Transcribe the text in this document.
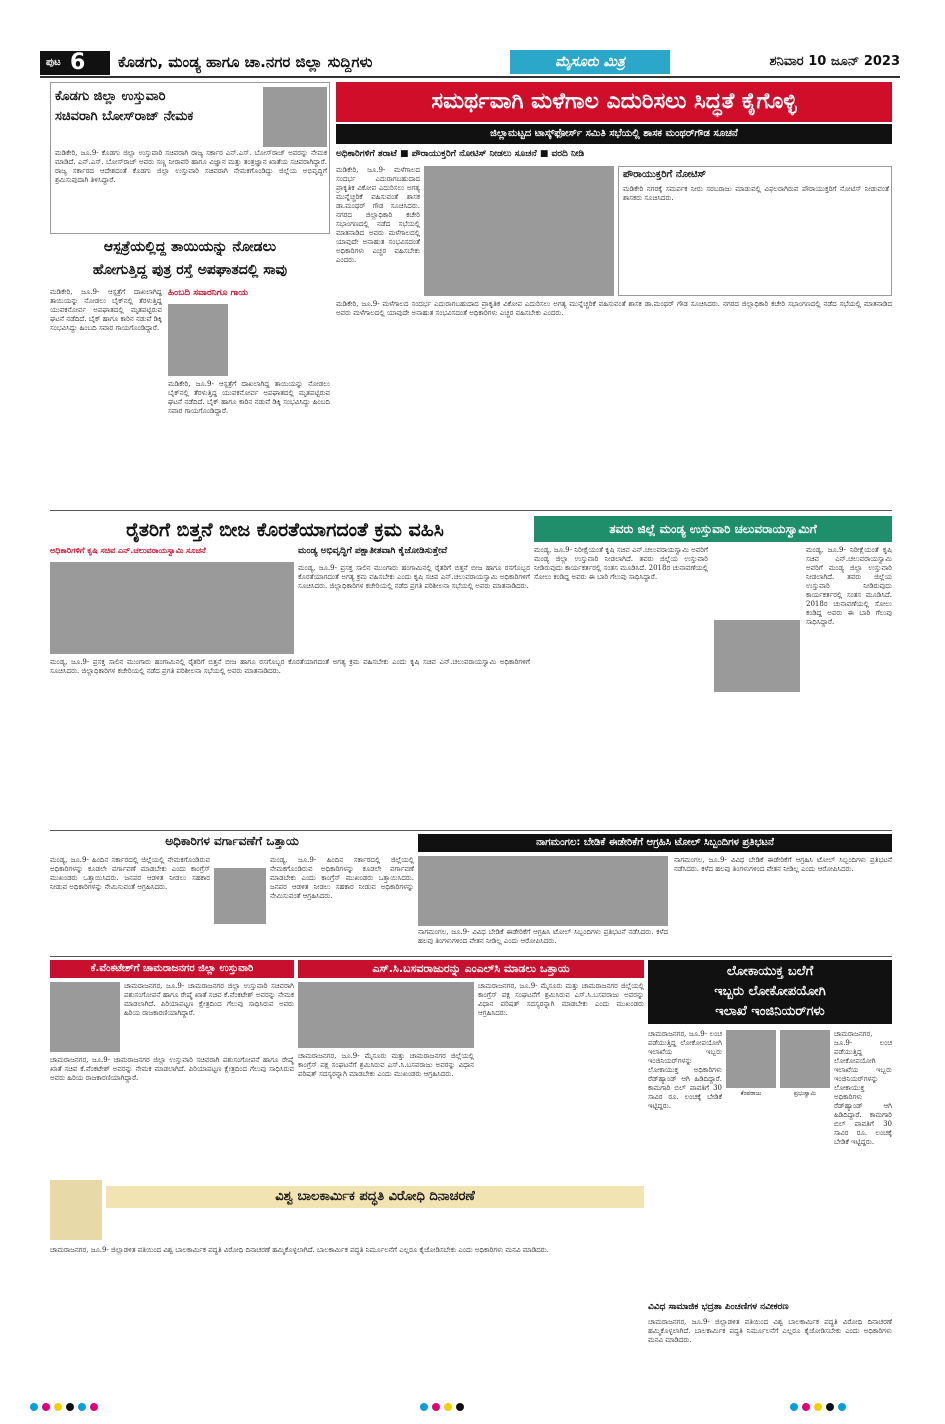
ಪುಟ 6 ಕೊಡಗು, ಮಂಡ್ಯ ಹಾಗೂ ಚಾ.ನಗರ ಜಿಲ್ಲಾ ಸುದ್ದಿಗಳು	ಮೈಸೂರು ಮಿತ್ರ	ಶನಿವಾರ 10 ಜೂನ್ 2023
ಕೊಡಗು ಜಿಲ್ಲಾ ಉಸ್ತುವಾರಿ
ಸಚಿವರಾಗಿ ಬೋಸ್‌ರಾಜ್ ನೇಮಕ
ಮಡಿಕೇರಿ, ಜೂ.9- ಕೊಡಗು ಜಿಲ್ಲಾ ಉಸ್ತುವಾರಿ ಸಚಿವರಾಗಿ ರಾಜ್ಯ ಸರ್ಕಾರ ಎನ್.ಎಸ್. ಬೋಸ್‌ರಾಜ್ ಅವರನ್ನು ನೇಮಕ ಮಾಡಿದೆ. ಎನ್.ಎಸ್. ಬೋಸ್‌ರಾಜ್ ಅವರು ಸಣ್ಣ ನೀರಾವರಿ ಹಾಗೂ ವಿಜ್ಞಾನ ಮತ್ತು ತಂತ್ರಜ್ಞಾನ ಖಾತೆಯ ಸಚಿವರಾಗಿದ್ದಾರೆ. ರಾಜ್ಯ ಸರ್ಕಾರದ ಆದೇಶದಂತೆ ಕೊಡಗು ಜಿಲ್ಲಾ ಉಸ್ತುವಾರಿ ಸಚಿವರಾಗಿ ನೇಮಕಗೊಂಡಿದ್ದು ಜಿಲ್ಲೆಯ ಅಭಿವೃದ್ಧಿಗೆ ಶ್ರಮಿಸುವುದಾಗಿ ತಿಳಿಸಿದ್ದಾರೆ.
ಸಮರ್ಥವಾಗಿ ಮಳೆಗಾಲ ಎದುರಿಸಲು ಸಿದ್ಧತೆ ಕೈಗೊಳ್ಳಿ
ಜಿಲ್ಲಾಮಟ್ಟದ ಟಾಸ್ಕ್‌ಫೋರ್ಸ್ ಸಮಿತಿ ಸಭೆಯಲ್ಲಿ ಶಾಸಕ ಮಂಥರ್‌ಗೌಡ ಸೂಚನೆ
ಅಧಿಕಾರಿಗಳಿಗೆ ತರಾಟೆ ■ ಪೌರಾಯುಕ್ತರಿಗೆ ನೋಟಿಸ್ ನೀಡಲು ಸೂಚನೆ ■ ವರದಿ ನೀಡಿ
ಮಡಿಕೇರಿ, ಜೂ.9- ಮಳೆಗಾಲದ ಸಂದರ್ಭ ಎದುರಾಗಬಹುದಾದ ಪ್ರಾಕೃತಿಕ ವಿಕೋಪ ಎದುರಿಸಲು ಅಗತ್ಯ ಮುನ್ನೆಚ್ಚರಿಕೆ ವಹಿಸುವಂತೆ ಶಾಸಕ ಡಾ.ಮಂಥರ್ ಗೌಡ ಸೂಚಿಸಿದರು. ನಗರದ ಜಿಲ್ಲಾಧಿಕಾರಿ ಕಚೇರಿ ಸಭಾಂಗಣದಲ್ಲಿ ನಡೆದ ಸಭೆಯಲ್ಲಿ ಮಾತನಾಡಿದ ಅವರು ಮಳೆಗಾಲದಲ್ಲಿ ಯಾವುದೇ ಅನಾಹುತ ಸಂಭವಿಸದಂತೆ ಅಧಿಕಾರಿಗಳು ಎಚ್ಚರ ವಹಿಸಬೇಕು ಎಂದರು.
ಪೌರಾಯುಕ್ತರಿಗೆ ನೋಟಿಸ್
ಮಡಿಕೇರಿ ನಗರಕ್ಕೆ ಸಮರ್ಪಕ ನೀರು ಸರಬರಾಜು ಮಾಡುವಲ್ಲಿ ವಿಫಲರಾಗಿರುವ ಪೌರಾಯುಕ್ತರಿಗೆ ನೋಟಿಸ್ ನೀಡುವಂತೆ ಶಾಸಕರು ಸೂಚಿಸಿದರು.
ಮಡಿಕೇರಿ, ಜೂ.9- ಮಳೆಗಾಲದ ಸಂದರ್ಭ ಎದುರಾಗಬಹುದಾದ ಪ್ರಾಕೃತಿಕ ವಿಕೋಪ ಎದುರಿಸಲು ಅಗತ್ಯ ಮುನ್ನೆಚ್ಚರಿಕೆ ವಹಿಸುವಂತೆ ಶಾಸಕ ಡಾ.ಮಂಥರ್ ಗೌಡ ಸೂಚಿಸಿದರು. ನಗರದ ಜಿಲ್ಲಾಧಿಕಾರಿ ಕಚೇರಿ ಸಭಾಂಗಣದಲ್ಲಿ ನಡೆದ ಸಭೆಯಲ್ಲಿ ಮಾತನಾಡಿದ ಅವರು ಮಳೆಗಾಲದಲ್ಲಿ ಯಾವುದೇ ಅನಾಹುತ ಸಂಭವಿಸದಂತೆ ಅಧಿಕಾರಿಗಳು ಎಚ್ಚರ ವಹಿಸಬೇಕು ಎಂದರು.
ಆಸ್ಪತ್ರೆಯಲ್ಲಿದ್ದ ತಾಯಿಯನ್ನು ನೋಡಲು
ಹೋಗುತ್ತಿದ್ದ ಪುತ್ರ ರಸ್ತೆ ಅಪಘಾತದಲ್ಲಿ ಸಾವು
ಹಿಂಬದಿ ಸವಾರನಿಗೂ ಗಾಯ
ಮಡಿಕೇರಿ, ಜೂ.9- ಆಸ್ಪತ್ರೆಗೆ ದಾಖಲಾಗಿದ್ದ ತಾಯಿಯನ್ನು ನೋಡಲು ಬೈಕ್‌ನಲ್ಲಿ ತೆರಳುತ್ತಿದ್ದ ಯುವಕನೋರ್ವ ಅಪಘಾತದಲ್ಲಿ ಮೃತಪಟ್ಟಿರುವ ಘಟನೆ ನಡೆದಿದೆ. ಬೈಕ್ ಹಾಗೂ ಕಾರಿನ ನಡುವೆ ಡಿಕ್ಕಿ ಸಂಭವಿಸಿದ್ದು ಹಿಂಬದಿ ಸವಾರ ಗಾಯಗೊಂಡಿದ್ದಾರೆ.
ಮಡಿಕೇರಿ, ಜೂ.9- ಆಸ್ಪತ್ರೆಗೆ ದಾಖಲಾಗಿದ್ದ ತಾಯಿಯನ್ನು ನೋಡಲು ಬೈಕ್‌ನಲ್ಲಿ ತೆರಳುತ್ತಿದ್ದ ಯುವಕನೋರ್ವ ಅಪಘಾತದಲ್ಲಿ ಮೃತಪಟ್ಟಿರುವ ಘಟನೆ ನಡೆದಿದೆ. ಬೈಕ್ ಹಾಗೂ ಕಾರಿನ ನಡುವೆ ಡಿಕ್ಕಿ ಸಂಭವಿಸಿದ್ದು ಹಿಂಬದಿ ಸವಾರ ಗಾಯಗೊಂಡಿದ್ದಾರೆ.
ರೈತರಿಗೆ ಬಿತ್ತನೆ ಬೀಜ ಕೊರತೆಯಾಗದಂತೆ ಕ್ರಮ ವಹಿಸಿ
ಅಧಿಕಾರಿಗಳಿಗೆ ಕೃಷಿ ಸಚಿವ ಎನ್.ಚಲುವರಾಯಸ್ವಾಮಿ ಸೂಚನೆ	ಮಂಡ್ಯ ಅಭಿವೃದ್ಧಿಗೆ ಪಕ್ಷಾತೀತವಾಗಿ ಕೈಜೋಡಿಸುತ್ತೇವೆ
ಮಂಡ್ಯ, ಜೂ.9- ಪ್ರಸಕ್ತ ಸಾಲಿನ ಮುಂಗಾರು ಹಂಗಾಮಿನಲ್ಲಿ ರೈತರಿಗೆ ಬಿತ್ತನೆ ಬೀಜ ಹಾಗೂ ರಸಗೊಬ್ಬರ ಕೊರತೆಯಾಗದಂತೆ ಅಗತ್ಯ ಕ್ರಮ ವಹಿಸಬೇಕು ಎಂದು ಕೃಷಿ ಸಚಿವ ಎನ್.ಚಲುವರಾಯಸ್ವಾಮಿ ಅಧಿಕಾರಿಗಳಿಗೆ ಸೂಚಿಸಿದರು. ಜಿಲ್ಲಾಧಿಕಾರಿಗಳ ಕಚೇರಿಯಲ್ಲಿ ನಡೆದ ಪ್ರಗತಿ ಪರಿಶೀಲನಾ ಸಭೆಯಲ್ಲಿ ಅವರು ಮಾತನಾಡಿದರು.
ಮಂಡ್ಯ, ಜೂ.9- ಪ್ರಸಕ್ತ ಸಾಲಿನ ಮುಂಗಾರು ಹಂಗಾಮಿನಲ್ಲಿ ರೈತರಿಗೆ ಬಿತ್ತನೆ ಬೀಜ ಹಾಗೂ ರಸಗೊಬ್ಬರ ಕೊರತೆಯಾಗದಂತೆ ಅಗತ್ಯ ಕ್ರಮ ವಹಿಸಬೇಕು ಎಂದು ಕೃಷಿ ಸಚಿವ ಎನ್.ಚಲುವರಾಯಸ್ವಾಮಿ ಅಧಿಕಾರಿಗಳಿಗೆ ಸೂಚಿಸಿದರು. ಜಿಲ್ಲಾಧಿಕಾರಿಗಳ ಕಚೇರಿಯಲ್ಲಿ ನಡೆದ ಪ್ರಗತಿ ಪರಿಶೀಲನಾ ಸಭೆಯಲ್ಲಿ ಅವರು ಮಾತನಾಡಿದರು.
ತವರು ಜಿಲ್ಲೆ ಮಂಡ್ಯ ಉಸ್ತುವಾರಿ ಚಲುವರಾಯಸ್ವಾಮಿಗೆ
ಮಂಡ್ಯ, ಜೂ.9- ನಿರೀಕ್ಷೆಯಂತೆ ಕೃಷಿ ಸಚಿವ ಎನ್.ಚಲುವರಾಯಸ್ವಾಮಿ ಅವರಿಗೆ ಮಂಡ್ಯ ಜಿಲ್ಲಾ ಉಸ್ತುವಾರಿ ನೀಡಲಾಗಿದೆ. ತವರು ಜಿಲ್ಲೆಯ ಉಸ್ತುವಾರಿ ನೀಡಿರುವುದು ಕಾರ್ಯಕರ್ತರಲ್ಲಿ ಸಂತಸ ಮೂಡಿಸಿದೆ. 2018ರ ಚುನಾವಣೆಯಲ್ಲಿ ಸೋಲು ಕಂಡಿದ್ದ ಅವರು ಈ ಬಾರಿ ಗೆಲುವು ಸಾಧಿಸಿದ್ದಾರೆ.
ಮಂಡ್ಯ, ಜೂ.9- ನಿರೀಕ್ಷೆಯಂತೆ ಕೃಷಿ ಸಚಿವ ಎನ್.ಚಲುವರಾಯಸ್ವಾಮಿ ಅವರಿಗೆ ಮಂಡ್ಯ ಜಿಲ್ಲಾ ಉಸ್ತುವಾರಿ ನೀಡಲಾಗಿದೆ. ತವರು ಜಿಲ್ಲೆಯ ಉಸ್ತುವಾರಿ ನೀಡಿರುವುದು ಕಾರ್ಯಕರ್ತರಲ್ಲಿ ಸಂತಸ ಮೂಡಿಸಿದೆ. 2018ರ ಚುನಾವಣೆಯಲ್ಲಿ ಸೋಲು ಕಂಡಿದ್ದ ಅವರು ಈ ಬಾರಿ ಗೆಲುವು ಸಾಧಿಸಿದ್ದಾರೆ.
ಅಧಿಕಾರಿಗಳ ವರ್ಗಾವಣೆಗೆ ಒತ್ತಾಯ
ಮಂಡ್ಯ, ಜೂ.9- ಹಿಂದಿನ ಸರ್ಕಾರದಲ್ಲಿ ಜಿಲ್ಲೆಯಲ್ಲಿ ನೇಮಕಗೊಂಡಿರುವ ಅಧಿಕಾರಿಗಳನ್ನು ಕೂಡಲೇ ವರ್ಗಾವಣೆ ಮಾಡಬೇಕು ಎಂದು ಕಾಂಗ್ರೆಸ್ ಮುಖಂಡರು ಒತ್ತಾಯಿಸಿದರು. ಜನಪರ ಆಡಳಿತ ನೀಡಲು ಸಹಕಾರ ನೀಡುವ ಅಧಿಕಾರಿಗಳನ್ನು ನೇಮಿಸುವಂತೆ ಆಗ್ರಹಿಸಿದರು.
ಮಂಡ್ಯ, ಜೂ.9- ಹಿಂದಿನ ಸರ್ಕಾರದಲ್ಲಿ ಜಿಲ್ಲೆಯಲ್ಲಿ ನೇಮಕಗೊಂಡಿರುವ ಅಧಿಕಾರಿಗಳನ್ನು ಕೂಡಲೇ ವರ್ಗಾವಣೆ ಮಾಡಬೇಕು ಎಂದು ಕಾಂಗ್ರೆಸ್ ಮುಖಂಡರು ಒತ್ತಾಯಿಸಿದರು. ಜನಪರ ಆಡಳಿತ ನೀಡಲು ಸಹಕಾರ ನೀಡುವ ಅಧಿಕಾರಿಗಳನ್ನು ನೇಮಿಸುವಂತೆ ಆಗ್ರಹಿಸಿದರು.
ನಾಗಮಂಗಲ: ಬೇಡಿಕೆ ಈಡೇರಿಕೆಗೆ ಆಗ್ರಹಿಸಿ ಟೋಲ್ ಸಿಬ್ಬಂದಿಗಳ ಪ್ರತಿಭಟನೆ
ನಾಗಮಂಗಲ, ಜೂ.9- ವಿವಿಧ ಬೇಡಿಕೆ ಈಡೇರಿಕೆಗೆ ಆಗ್ರಹಿಸಿ ಟೋಲ್ ಸಿಬ್ಬಂದಿಗಳು ಪ್ರತಿಭಟನೆ ನಡೆಸಿದರು. ಕಳೆದ ಹಲವು ತಿಂಗಳುಗಳಿಂದ ವೇತನ ನೀಡಿಲ್ಲ ಎಂದು ಆರೋಪಿಸಿದರು.
ನಾಗಮಂಗಲ, ಜೂ.9- ವಿವಿಧ ಬೇಡಿಕೆ ಈಡೇರಿಕೆಗೆ ಆಗ್ರಹಿಸಿ ಟೋಲ್ ಸಿಬ್ಬಂದಿಗಳು ಪ್ರತಿಭಟನೆ ನಡೆಸಿದರು. ಕಳೆದ ಹಲವು ತಿಂಗಳುಗಳಿಂದ ವೇತನ ನೀಡಿಲ್ಲ ಎಂದು ಆರೋಪಿಸಿದರು.
ಕೆ.ವೆಂಕಟೇಶ್‌ಗೆ ಚಾಮರಾಜನಗರ ಜಿಲ್ಲಾ ಉಸ್ತುವಾರಿ
ಚಾಮರಾಜನಗರ, ಜೂ.9- ಚಾಮರಾಜನಗರ ಜಿಲ್ಲಾ ಉಸ್ತುವಾರಿ ಸಚಿವರಾಗಿ ಪಶುಸಂಗೋಪನೆ ಹಾಗೂ ರೇಷ್ಮೆ ಖಾತೆ ಸಚಿವ ಕೆ.ವೆಂಕಟೇಶ್ ಅವರನ್ನು ನೇಮಕ ಮಾಡಲಾಗಿದೆ. ಪಿರಿಯಾಪಟ್ಟಣ ಕ್ಷೇತ್ರದಿಂದ ಗೆಲುವು ಸಾಧಿಸಿರುವ ಅವರು ಹಿರಿಯ ರಾಜಕಾರಣಿಯಾಗಿದ್ದಾರೆ.
ಚಾಮರಾಜನಗರ, ಜೂ.9- ಚಾಮರಾಜನಗರ ಜಿಲ್ಲಾ ಉಸ್ತುವಾರಿ ಸಚಿವರಾಗಿ ಪಶುಸಂಗೋಪನೆ ಹಾಗೂ ರೇಷ್ಮೆ ಖಾತೆ ಸಚಿವ ಕೆ.ವೆಂಕಟೇಶ್ ಅವರನ್ನು ನೇಮಕ ಮಾಡಲಾಗಿದೆ. ಪಿರಿಯಾಪಟ್ಟಣ ಕ್ಷೇತ್ರದಿಂದ ಗೆಲುವು ಸಾಧಿಸಿರುವ ಅವರು ಹಿರಿಯ ರಾಜಕಾರಣಿಯಾಗಿದ್ದಾರೆ.
ಎಸ್.ಸಿ.ಬಸವರಾಜುರನ್ನು ಎಂಎಲ್‌ಸಿ ಮಾಡಲು ಒತ್ತಾಯ
ಚಾಮರಾಜನಗರ, ಜೂ.9- ಮೈಸೂರು ಮತ್ತು ಚಾಮರಾಜನಗರ ಜಿಲ್ಲೆಯಲ್ಲಿ ಕಾಂಗ್ರೆಸ್ ಪಕ್ಷ ಸಂಘಟನೆಗೆ ಶ್ರಮಿಸಿರುವ ಎಸ್.ಸಿ.ಬಸವರಾಜು ಅವರನ್ನು ವಿಧಾನ ಪರಿಷತ್ ಸದಸ್ಯರನ್ನಾಗಿ ಮಾಡಬೇಕು ಎಂದು ಮುಖಂಡರು ಆಗ್ರಹಿಸಿದರು.
ಚಾಮರಾಜನಗರ, ಜೂ.9- ಮೈಸೂರು ಮತ್ತು ಚಾಮರಾಜನಗರ ಜಿಲ್ಲೆಯಲ್ಲಿ ಕಾಂಗ್ರೆಸ್ ಪಕ್ಷ ಸಂಘಟನೆಗೆ ಶ್ರಮಿಸಿರುವ ಎಸ್.ಸಿ.ಬಸವರಾಜು ಅವರನ್ನು ವಿಧಾನ ಪರಿಷತ್ ಸದಸ್ಯರನ್ನಾಗಿ ಮಾಡಬೇಕು ಎಂದು ಮುಖಂಡರು ಆಗ್ರಹಿಸಿದರು.
ಲೋಕಾಯುಕ್ತ ಬಲೆಗೆ
ಇಬ್ಬರು ಲೋಕೋಪಯೋಗಿ
ಇಲಾಖೆ ಇಂಜಿನಿಯರ್‌ಗಳು
ಕೆಂಪರಾಜು	ಪ್ರಭುಸ್ವಾಮಿ
ಚಾಮರಾಜನಗರ, ಜೂ.9- ಲಂಚ ಪಡೆಯುತ್ತಿದ್ದ ಲೋಕೋಪಯೋಗಿ ಇಲಾಖೆಯ ಇಬ್ಬರು ಇಂಜಿನಿಯರ್‌ಗಳನ್ನು ಲೋಕಾಯುಕ್ತ ಅಧಿಕಾರಿಗಳು ರೆಡ್‌ಹ್ಯಾಂಡ್ ಆಗಿ ಹಿಡಿದಿದ್ದಾರೆ. ಕಾಮಗಾರಿ ಬಿಲ್ ಪಾವತಿಗೆ 30 ಸಾವಿರ ರೂ. ಲಂಚಕ್ಕೆ ಬೇಡಿಕೆ ಇಟ್ಟಿದ್ದರು.
ಚಾಮರಾಜನಗರ, ಜೂ.9- ಲಂಚ ಪಡೆಯುತ್ತಿದ್ದ ಲೋಕೋಪಯೋಗಿ ಇಲಾಖೆಯ ಇಬ್ಬರು ಇಂಜಿನಿಯರ್‌ಗಳನ್ನು ಲೋಕಾಯುಕ್ತ ಅಧಿಕಾರಿಗಳು ರೆಡ್‌ಹ್ಯಾಂಡ್ ಆಗಿ ಹಿಡಿದಿದ್ದಾರೆ. ಕಾಮಗಾರಿ ಬಿಲ್ ಪಾವತಿಗೆ 30 ಸಾವಿರ ರೂ. ಲಂಚಕ್ಕೆ ಬೇಡಿಕೆ ಇಟ್ಟಿದ್ದರು.
ವಿಶ್ವ ಬಾಲಕಾರ್ಮಿಕ ಪದ್ಧತಿ ವಿರೋಧಿ ದಿನಾಚರಣೆ
ಚಾಮರಾಜನಗರ, ಜೂ.9- ಜಿಲ್ಲಾಡಳಿತ ವತಿಯಿಂದ ವಿಶ್ವ ಬಾಲಕಾರ್ಮಿಕ ಪದ್ಧತಿ ವಿರೋಧಿ ದಿನಾಚರಣೆ ಹಮ್ಮಿಕೊಳ್ಳಲಾಗಿದೆ. ಬಾಲಕಾರ್ಮಿಕ ಪದ್ಧತಿ ನಿರ್ಮೂಲನೆಗೆ ಎಲ್ಲರೂ ಕೈಜೋಡಿಸಬೇಕು ಎಂದು ಅಧಿಕಾರಿಗಳು ಮನವಿ ಮಾಡಿದರು.
ವಿವಿಧ ಸಾಮಾಜಿಕ ಭದ್ರತಾ ಪಿಂಚಣಿಗಳ ನವೀಕರಣ
ಚಾಮರಾಜನಗರ, ಜೂ.9- ಜಿಲ್ಲಾಡಳಿತ ವತಿಯಿಂದ ವಿಶ್ವ ಬಾಲಕಾರ್ಮಿಕ ಪದ್ಧತಿ ವಿರೋಧಿ ದಿನಾಚರಣೆ ಹಮ್ಮಿಕೊಳ್ಳಲಾಗಿದೆ. ಬಾಲಕಾರ್ಮಿಕ ಪದ್ಧತಿ ನಿರ್ಮೂಲನೆಗೆ ಎಲ್ಲರೂ ಕೈಜೋಡಿಸಬೇಕು ಎಂದು ಅಧಿಕಾರಿಗಳು ಮನವಿ ಮಾಡಿದರು.
